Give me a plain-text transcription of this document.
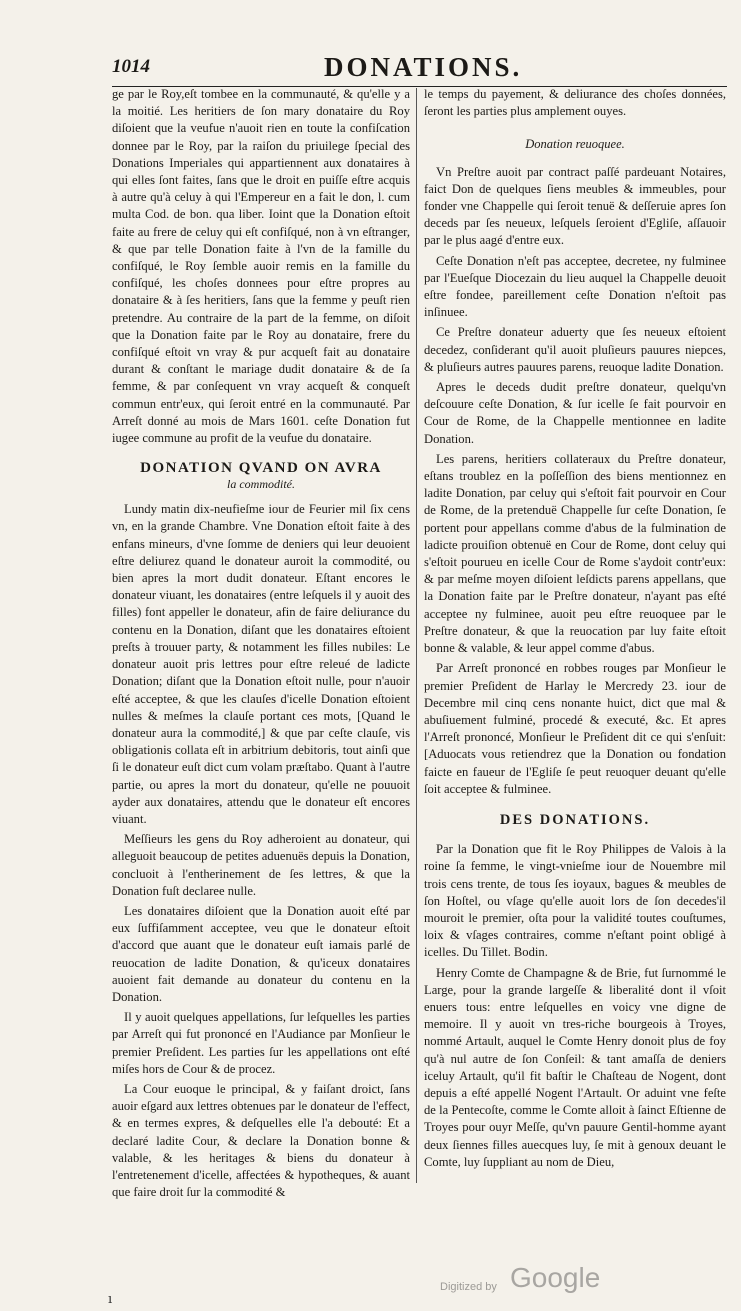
1014	DONATIONS.

ge par le Roy,eſt tombee en la communauté, & qu'elle y a la moitié. Les heritiers de ſon mary donataire du Roy diſoient que la veufue n'auoit rien en toute la confiſcation donnee par le Roy, par la raiſon du priuilege ſpecial des Donations Imperiales qui appartiennent aux donataires à qui elles ſont faites, ſans que le droit en puiſſe eſtre acquis à autre qu'à celuy à qui l'Empereur en a fait le don, l. cum multa Cod. de bon. qua liber. Ioint que la Donation eſtoit faite au frere de celuy qui eſt confiſqué, non à vn eſtranger, & que par telle Donation faite à l'vn de la famille du confiſqué, le Roy ſemble auoir remis en la famille du confiſqué, les choſes donnees pour eſtre propres au donataire & à ſes heritiers, ſans que la femme y peuſt rien pretendre. Au contraire de la part de la femme, on diſoit que la Donation faite par le Roy au donataire, frere du confiſqué eſtoit vn vray & pur acqueſt fait au donataire durant & conſtant le mariage dudit donataire & de ſa femme, & par conſequent vn vray acqueſt & conqueſt commun entr'eux, qui ſeroit entré en la communauté. Par Arreſt donné au mois de Mars 1601. ceſte Donation fut iugee commune au profit de la veufue du donataire.

DONATION QVAND ON AVRA
la commodité.

Lundy matin dix-neufieſme iour de Feurier mil ſix cens vn, en la grande Chambre. Vne Donation eſtoit faite à des enfans mineurs, d'vne ſomme de deniers qui leur deuoient eſtre deliurez quand le donateur auroit la commodité, ou bien apres la mort dudit donateur. Eſtant encores le donateur viuant, les donataires (entre leſquels il y auoit des filles) font appeller le donateur, afin de faire deliurance du contenu en la Donation, diſant que les donataires eſtoient preſts à trouuer party, & notamment les filles nubiles: Le donateur auoit pris lettres pour eſtre releué de ladicte Donation; diſant que la Donation eſtoit nulle, pour n'auoir eſté acceptee, & que les clauſes d'icelle Donation eſtoient nulles & meſmes la clauſe portant ces mots, [Quand le donateur aura la commodité,] & que par ceſte clauſe, vis obligationis collata eſt in arbitrium debitoris, tout ainſi que ſi le donateur euſt dict cum volam præſtabo. Quant à l'autre partie, ou apres la mort du donateur, qu'elle ne pouuoit ayder aux donataires, attendu que le donateur eſt encores viuant.

Meſſieurs les gens du Roy adheroient au donateur, qui alleguoit beaucoup de petites aduenuës depuis la Donation, concluoit à l'entherinement de ſes lettres, & que la Donation fuſt declaree nulle.

Les donataires diſoient que la Donation auoit eſté par eux ſuffiſamment acceptee, veu que le donateur eſtoit d'accord que auant que le donateur euſt iamais parlé de reuocation de ladite Donation, & qu'iceux donataires auoient fait demande au donateur du contenu en la Donation.

Il y auoit quelques appellations, ſur leſquelles les parties par Arreſt qui fut prononcé en l'Audiance par Monſieur le premier Preſident. Les parties ſur les appellations ont eſté miſes hors de Cour & de procez.

La Cour euoque le principal, & y faiſant droict, ſans auoir eſgard aux lettres obtenues par le donateur de l'effect, & en termes expres, & deſquelles elle l'a debouté: Et a declaré ladite Cour, & declare la Donation bonne & valable, & les heritages & biens du donateur à l'entretenement d'icelle, affectées & hypotheques, & auant que faire droit ſur la commodité &

le temps du payement, & deliurance des choſes données, ſeront les parties plus amplement ouyes.

Donation reuoquee.

Vn Preſtre auoit par contract paſſé pardeuant Notaires, faict Don de quelques ſiens meubles & immeubles, pour fonder vne Chappelle qui ſeroit tenuë & deſſeruie apres ſon deceds par ſes neueux, leſquels ſeroient d'Egliſe, aſſauoir par le plus aagé d'entre eux.

Ceſte Donation n'eſt pas acceptee, decretee, ny fulminee par l'Eueſque Diocezain du lieu auquel la Chappelle deuoit eſtre fondee, pareillement ceſte Donation n'eſtoit pas inſinuee.

Ce Preſtre donateur aduerty que ſes neueux eſtoient decedez, conſiderant qu'il auoit pluſieurs pauures niepces, & pluſieurs autres pauures parens, reuoque ladite Donation.

Apres le deceds dudit preſtre donateur, quelqu'vn deſcouure ceſte Donation, & ſur icelle ſe fait pourvoir en Cour de Rome, de la Chappelle mentionnee en ladite Donation.

Les parens, heritiers collateraux du Preſtre donateur, eſtans troublez en la poſſeſſion des biens mentionnez en ladite Donation, par celuy qui s'eſtoit fait pourvoir en Cour de Rome, de la pretenduë Chappelle ſur ceſte Donation, ſe portent pour appellans comme d'abus de la fulmination de ladicte prouiſion obtenuë en Cour de Rome, dont celuy qui s'eſtoit pourueu en icelle Cour de Rome s'aydoit contr'eux: & par meſme moyen diſoient leſdicts parens appellans, que la Donation faite par le Preſtre donateur, n'ayant pas eſté acceptee ny fulminee, auoit peu eſtre reuoquee par le Preſtre donateur, & que la reuocation par luy faite eſtoit bonne & valable, & leur appel comme d'abus.

Par Arreſt prononcé en robbes rouges par Monſieur le premier Preſident de Harlay le Mercredy 23. iour de Decembre mil cinq cens nonante huict, dict que mal & abuſiuement fulminé, procedé & executé, &c. Et apres l'Arreſt prononcé, Monſieur le Preſident dit ce qui s'enſuit: [Aduocats vous retiendrez que la Donation ou fondation faicte en faueur de l'Egliſe ſe peut reuoquer deuant qu'elle ſoit acceptee & fulminee.

DES DONATIONS.

Par la Donation que fit le Roy Philippes de Valois à la roine ſa femme, le vingt-vnieſme iour de Nouembre mil trois cens trente, de tous ſes ioyaux, bagues & meubles de ſon Hoſtel, ou vſage qu'elle auoit lors de ſon decedes'il mouroit le premier, oſta pour la validité toutes couſtumes, loix & vſages contraires, comme n'eſtant point obligé à icelles. Du Tillet. Bodin.

Henry Comte de Champagne & de Brie, fut ſurnommé le Large, pour la grande largeſſe & liberalité dont il vſoit enuers tous: entre leſquelles en voicy vne digne de memoire. Il y auoit vn tres-riche bourgeois à Troyes, nommé Artault, auquel le Comte Henry donoit plus de foy qu'à nul autre de ſon Conſeil: & tant amaſſa de deniers iceluy Artault, qu'il fit baſtir le Chaſteau de Nogent, dont depuis a eſté appellé Nogent l'Artault. Or aduint vne feſte de la Pentecoſte, comme le Comte alloit à ſainct Eſtienne de Troyes pour ouyr Meſſe, qu'vn pauure Gentil-homme ayant deux ſiennes filles auecques luy, ſe mit à genoux deuant le Comte, luy ſuppliant au nom de Dieu,

Digitized by Google
ı
